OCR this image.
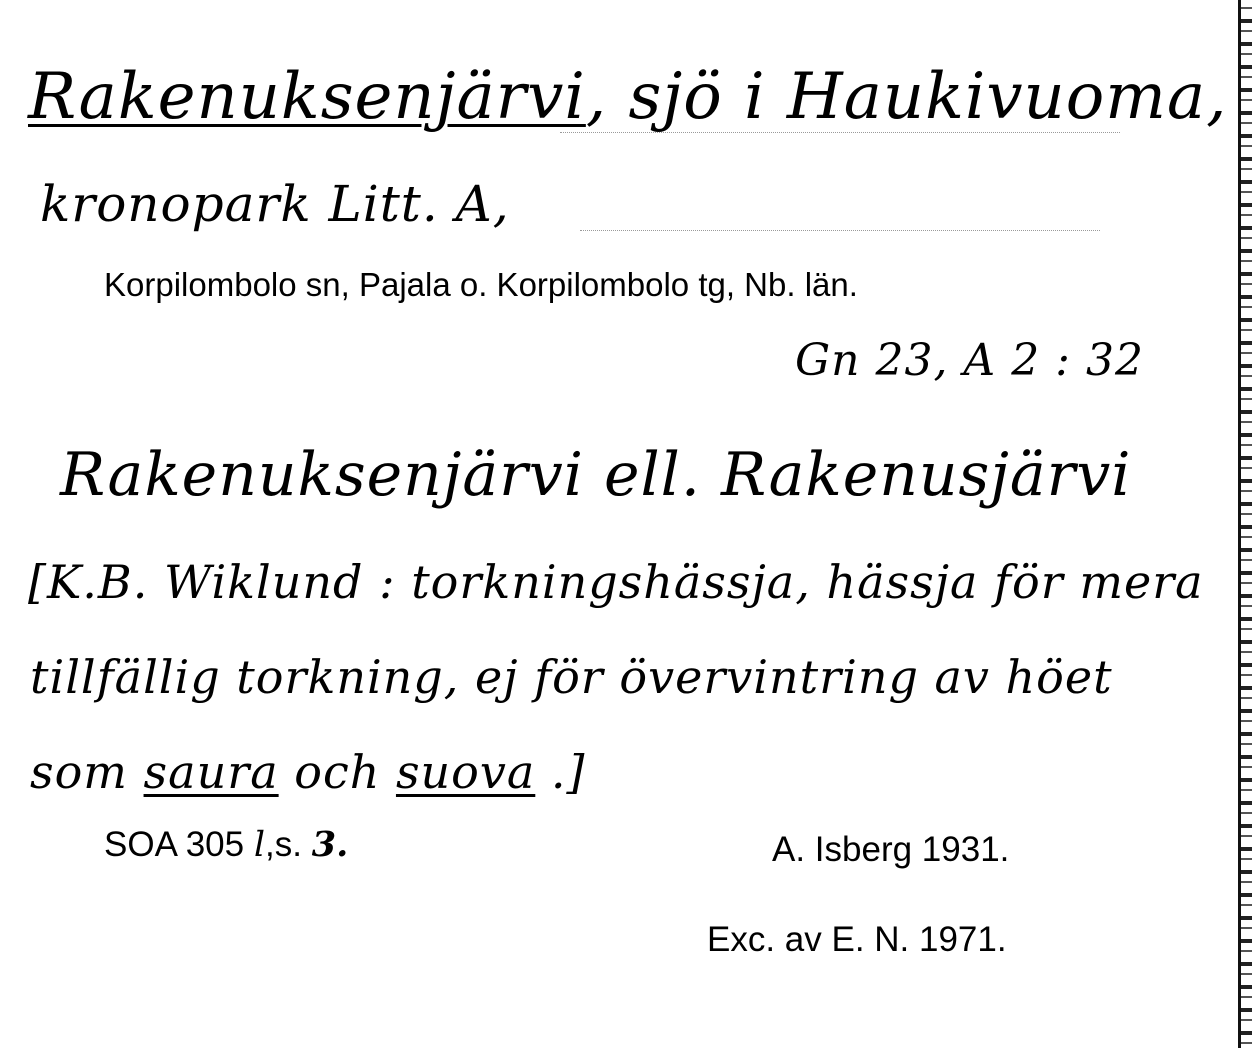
Rakenuksenjärvi, sjö i Haukivuoma,
kronopark Litt. A,
Korpilombolo sn, Pajala o. Korpilombolo tg, Nb. län.
Gn 23, A 2 : 32
Rakenuksenjärvi ell. Rakenusjärvi
[K.B. Wiklund : torkningshässja, hässja för mera
tillfällig torkning, ej för övervintring av höet
som saura och suova .]
SOA 305 l,s. 3.	A. Isberg 1931.
Exc. av E. N. 1971.
